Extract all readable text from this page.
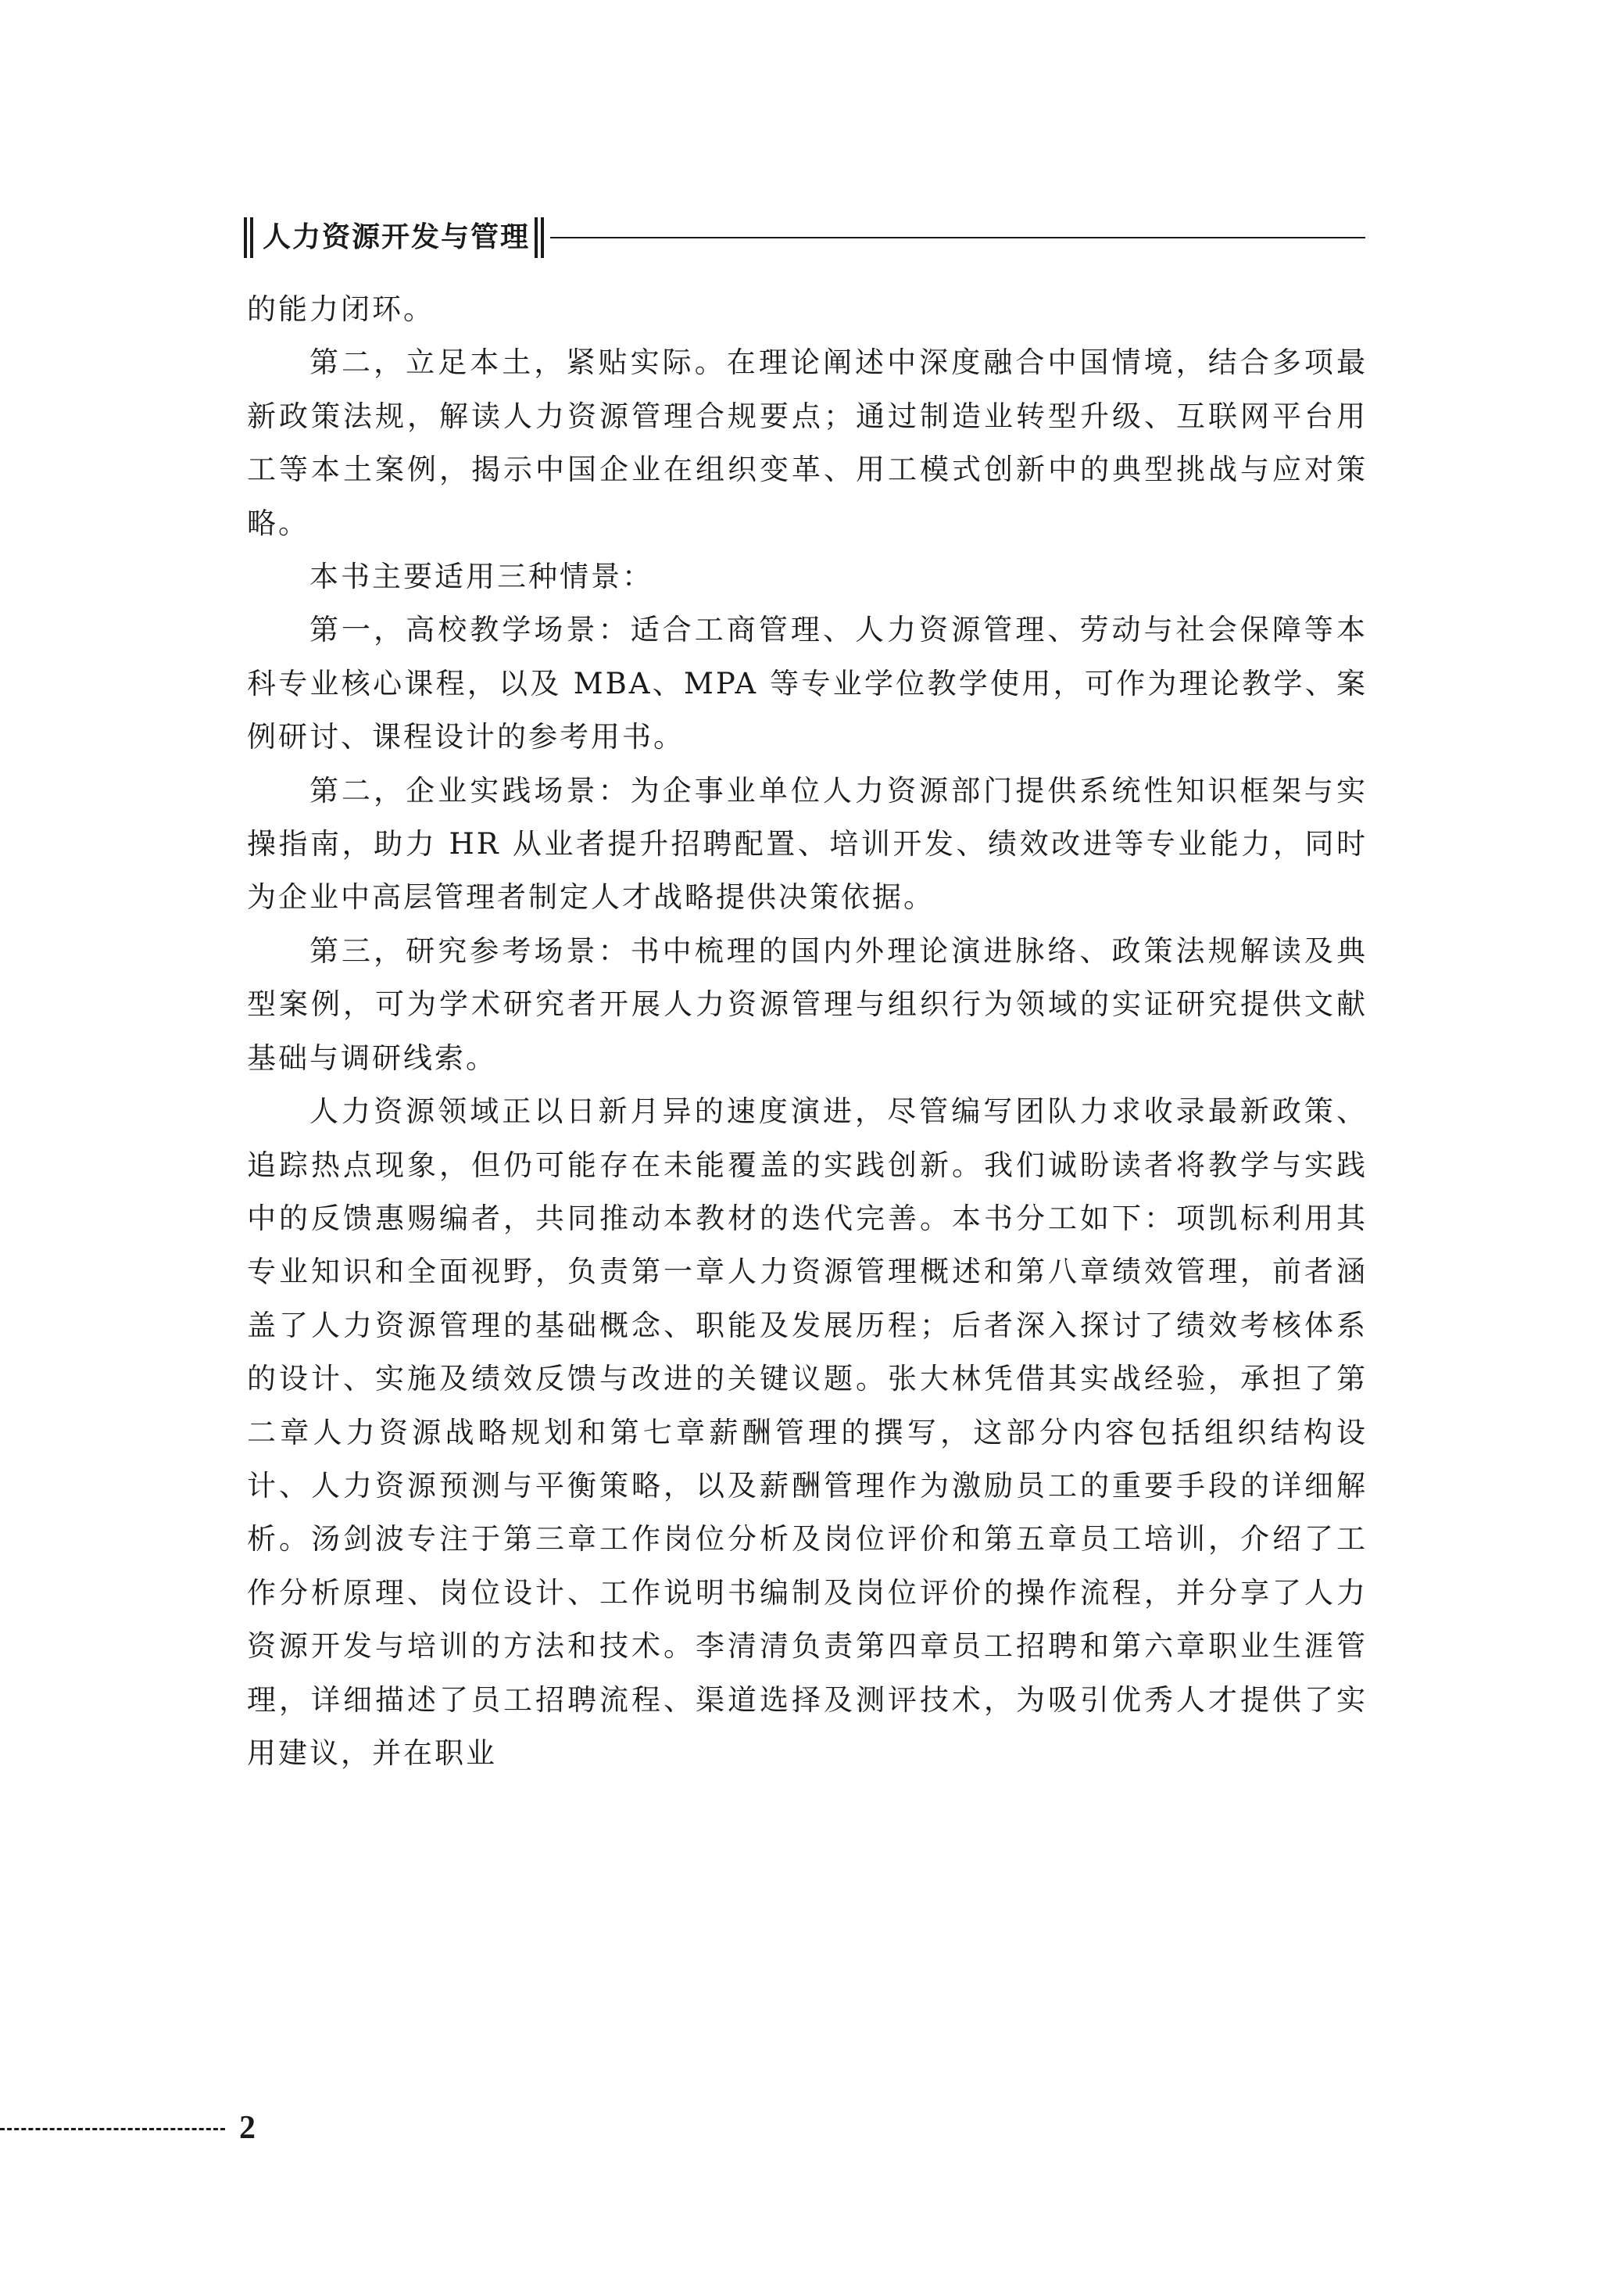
人力资源开发与管理

的能力闭环。

第二，立足本土，紧贴实际。在理论阐述中深度融合中国情境，结合多项最新政策法规，解读人力资源管理合规要点；通过制造业转型升级、互联网平台用工等本土案例，揭示中国企业在组织变革、用工模式创新中的典型挑战与应对策略。

本书主要适用三种情景：

第一，高校教学场景：适合工商管理、人力资源管理、劳动与社会保障等本科专业核心课程，以及 MBA、MPA 等专业学位教学使用，可作为理论教学、案例研讨、课程设计的参考用书。

第二，企业实践场景：为企事业单位人力资源部门提供系统性知识框架与实操指南，助力 HR 从业者提升招聘配置、培训开发、绩效改进等专业能力，同时为企业中高层管理者制定人才战略提供决策依据。

第三，研究参考场景：书中梳理的国内外理论演进脉络、政策法规解读及典型案例，可为学术研究者开展人力资源管理与组织行为领域的实证研究提供文献基础与调研线索。

人力资源领域正以日新月异的速度演进，尽管编写团队力求收录最新政策、追踪热点现象，但仍可能存在未能覆盖的实践创新。我们诚盼读者将教学与实践中的反馈惠赐编者，共同推动本教材的迭代完善。本书分工如下：项凯标利用其专业知识和全面视野，负责第一章人力资源管理概述和第八章绩效管理，前者涵盖了人力资源管理的基础概念、职能及发展历程；后者深入探讨了绩效考核体系的设计、实施及绩效反馈与改进的关键议题。张大林凭借其实战经验，承担了第二章人力资源战略规划和第七章薪酬管理的撰写，这部分内容包括组织结构设计、人力资源预测与平衡策略，以及薪酬管理作为激励员工的重要手段的详细解析。汤剑波专注于第三章工作岗位分析及岗位评价和第五章员工培训，介绍了工作分析原理、岗位设计、工作说明书编制及岗位评价的操作流程，并分享了人力资源开发与培训的方法和技术。李清清负责第四章员工招聘和第六章职业生涯管理，详细描述了员工招聘流程、渠道选择及测评技术，为吸引优秀人才提供了实用建议，并在职业

2
